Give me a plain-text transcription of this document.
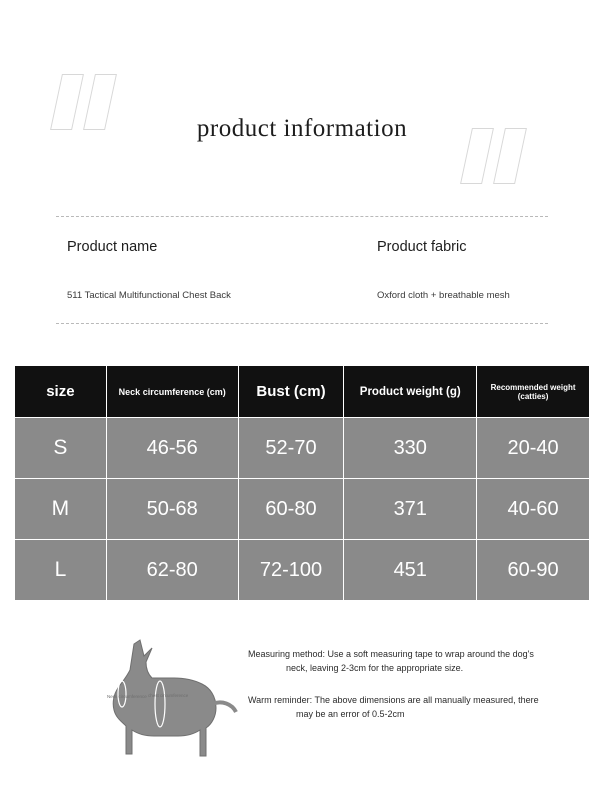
product information
Product name	Product fabric
511 Tactical Multifunctional Chest Back	Oxford cloth + breathable mesh
size	Neck circumference (cm)	Bust (cm)	Product weight (g)	Recommended weight (catties)
S	46-56	52-70	330	20-40
M	50-68	60-80	371	40-60
L	62-80	72-100	451	60-90
Neck circumference chest circumference
Measuring method: Use a soft measuring tape to wrap around the dog's
neck, leaving 2-3cm for the appropriate size.
Warm reminder: The above dimensions are all manually measured, there
may be an error of 0.5-2cm
